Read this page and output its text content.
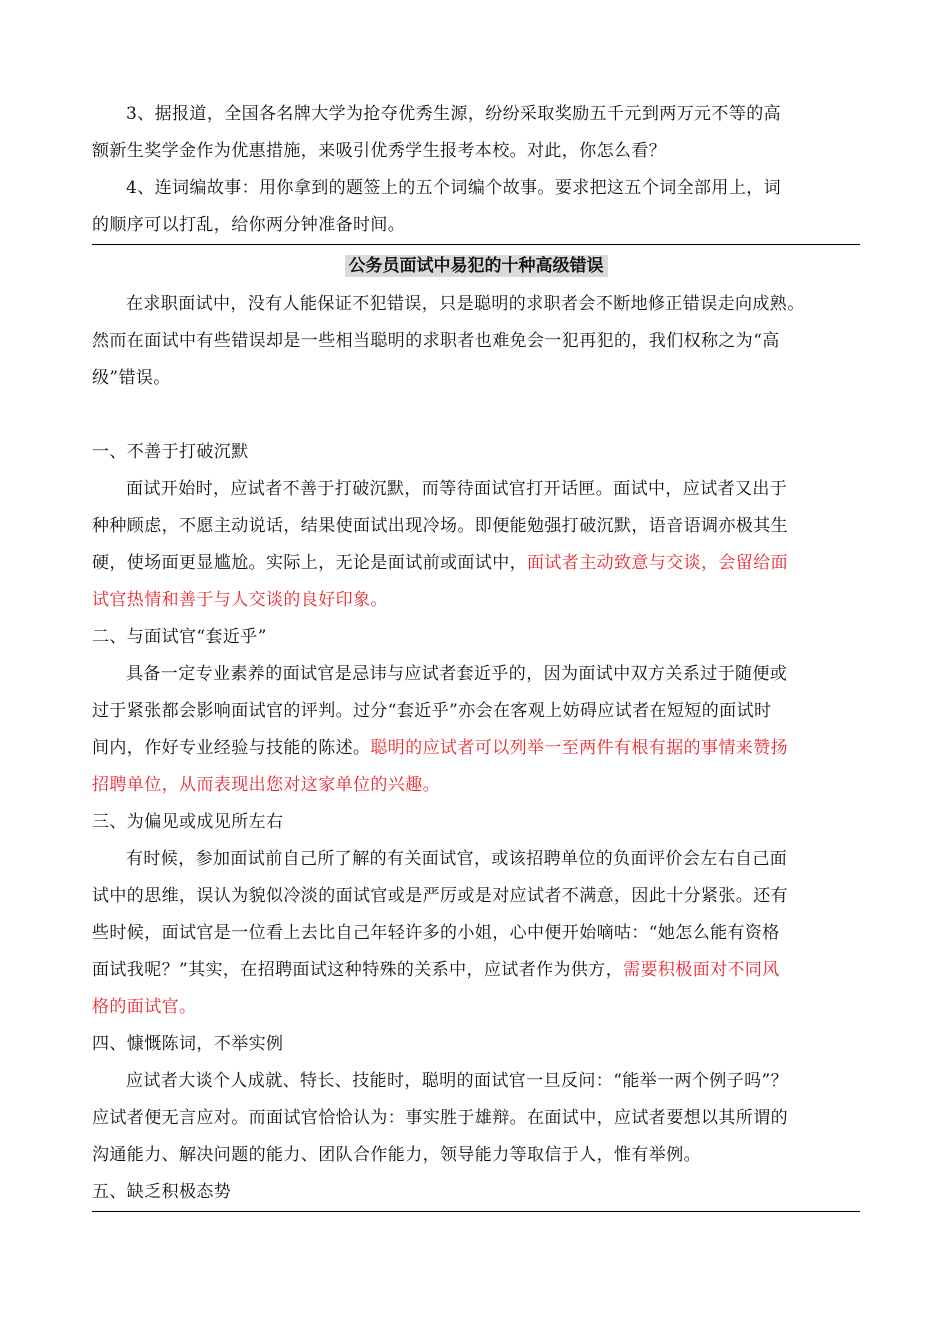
3、据报道，全国各名牌大学为抢夺优秀生源，纷纷采取奖励五千元到两万元不等的高

额新生奖学金作为优惠措施，来吸引优秀学生报考本校。对此，你怎么看？

4、连词编故事：用你拿到的题签上的五个词编个故事。要求把这五个词全部用上，词

的顺序可以打乱，给你两分钟准备时间。

公务员面试中易犯的十种高级错误

在求职面试中，没有人能保证不犯错误，只是聪明的求职者会不断地修正错误走向成熟。

然而在面试中有些错误却是一些相当聪明的求职者也难免会一犯再犯的，我们权称之为“高

级”错误。

一、不善于打破沉默

面试开始时，应试者不善于打破沉默，而等待面试官打开话匣。面试中，应试者又出于

种种顾虑，不愿主动说话，结果使面试出现冷场。即便能勉强打破沉默，语音语调亦极其生

硬，使场面更显尴尬。实际上，无论是面试前或面试中，面试者主动致意与交谈，会留给面

试官热情和善于与人交谈的良好印象。

二、与面试官“套近乎”

具备一定专业素养的面试官是忌讳与应试者套近乎的，因为面试中双方关系过于随便或

过于紧张都会影响面试官的评判。过分“套近乎”亦会在客观上妨碍应试者在短短的面试时

间内，作好专业经验与技能的陈述。聪明的应试者可以列举一至两件有根有据的事情来赞扬

招聘单位，从而表现出您对这家单位的兴趣。

三、为偏见或成见所左右

有时候，参加面试前自己所了解的有关面试官，或该招聘单位的负面评价会左右自己面

试中的思维，误认为貌似冷淡的面试官或是严厉或是对应试者不满意，因此十分紧张。还有

些时候，面试官是一位看上去比自己年轻许多的小姐，心中便开始嘀咕：“她怎么能有资格

面试我呢？”其实，在招聘面试这种特殊的关系中，应试者作为供方，需要积极面对不同风

格的面试官。

四、慷慨陈词，不举实例

应试者大谈个人成就、特长、技能时，聪明的面试官一旦反问：“能举一两个例子吗”？

应试者便无言应对。而面试官恰恰认为：事实胜于雄辩。在面试中，应试者要想以其所谓的

沟通能力、解决问题的能力、团队合作能力，领导能力等取信于人，惟有举例。

五、缺乏积极态势
